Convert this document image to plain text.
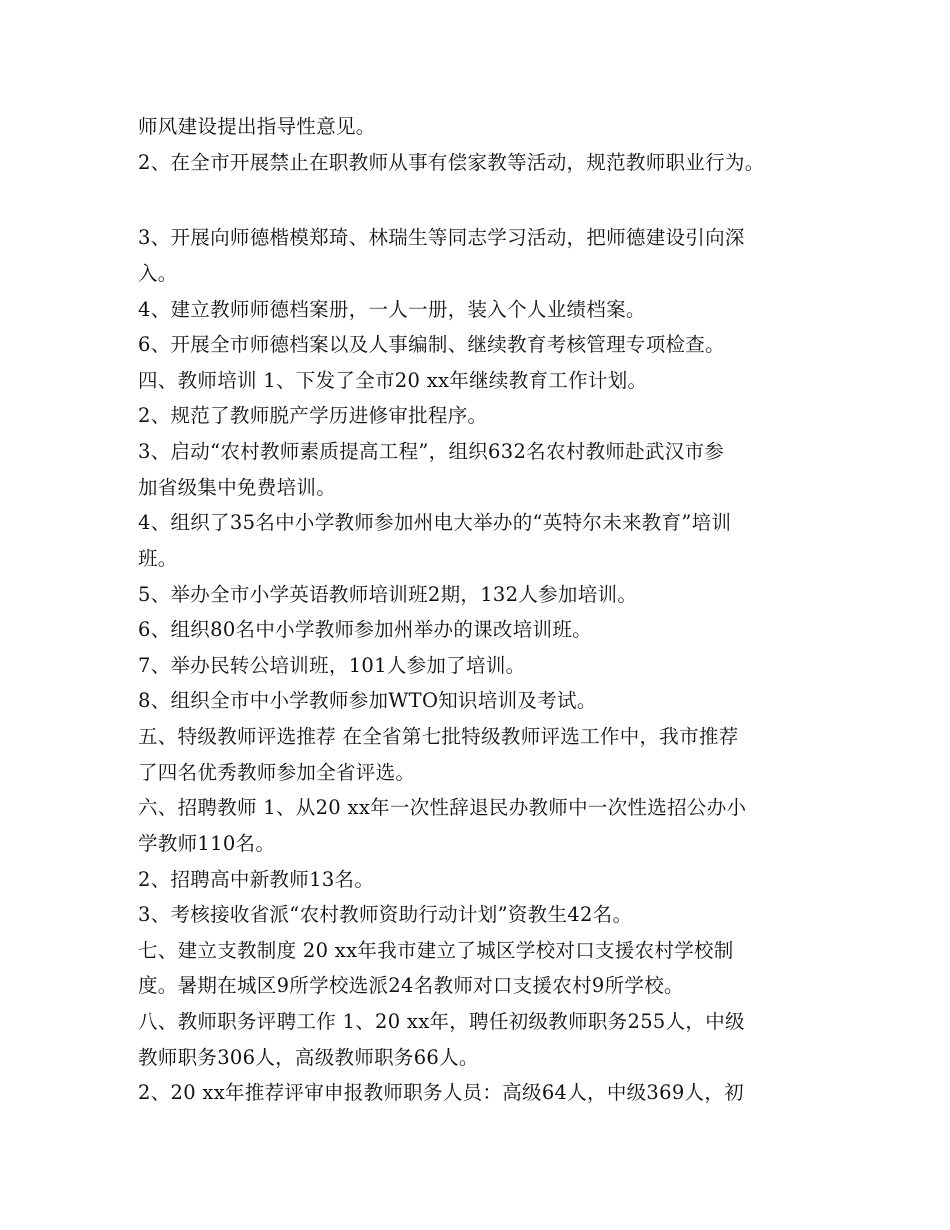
师风建设提出指导性意见。
2、在全市开展禁止在职教师从事有偿家教等活动，规范教师职业行为。
3、开展向师德楷模郑琦、林瑞生等同志学习活动，把师德建设引向深
入。
4、建立教师师德档案册，一人一册，装入个人业绩档案。
6、开展全市师德档案以及人事编制、继续教育考核管理专项检查。
四、教师培训 1、下发了全市20 xx年继续教育工作计划。
2、规范了教师脱产学历进修审批程序。
3、启动“农村教师素质提高工程”，组织632名农村教师赴武汉市参
加省级集中免费培训。
4、组织了35名中小学教师参加州电大举办的“英特尔未来教育”培训
班。
5、举办全市小学英语教师培训班2期，132人参加培训。
6、组织80名中小学教师参加州举办的课改培训班。
7、举办民转公培训班，101人参加了培训。
8、组织全市中小学教师参加WTO知识培训及考试。
五、特级教师评选推荐 在全省第七批特级教师评选工作中，我市推荐
了四名优秀教师参加全省评选。
六、招聘教师 1、从20 xx年一次性辞退民办教师中一次性选招公办小
学教师110名。
2、招聘高中新教师13名。
3、考核接收省派“农村教师资助行动计划”资教生42名。
七、建立支教制度 20 xx年我市建立了城区学校对口支援农村学校制
度。暑期在城区9所学校选派24名教师对口支援农村9所学校。
八、教师职务评聘工作 1、20 xx年，聘任初级教师职务255人，中级
教师职务306人，高级教师职务66人。
2、20 xx年推荐评审申报教师职务人员：高级64人，中级369人，初
